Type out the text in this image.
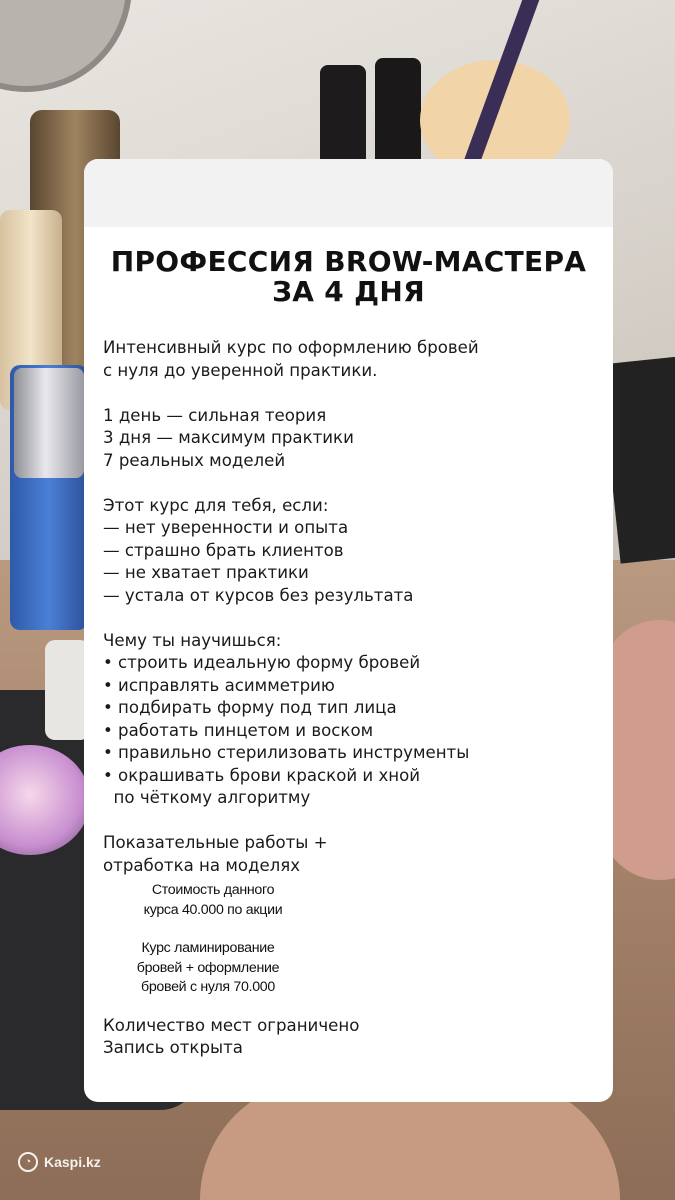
ПРОФЕССИЯ BROW-МАСТЕРА
ЗА 4 ДНЯ
Интенсивный курс по оформлению бровей
с нуля до уверенной практики.
1 день — сильная теория
3 дня — максимум практики
7 реальных моделей
Этот курс для тебя, если:
— нет уверенности и опыта
— страшно брать клиентов
— не хватает практики
— устала от курсов без результата
Чему ты научишься:
• строить идеальную форму бровей
• исправлять асимметрию
• подбирать форму под тип лица
• работать пинцетом и воском
• правильно стерилизовать инструменты
• окрашивать брови краской и хной
по чёткому алгоритму
Показательные работы +
отработка на моделях
Стоимость данного
курса 40.000 по акции
Курс ламинирование
бровей + оформление
бровей с нуля 70.000
Количество мест ограничено
Запись открыта
◔ Kaspi.kz
